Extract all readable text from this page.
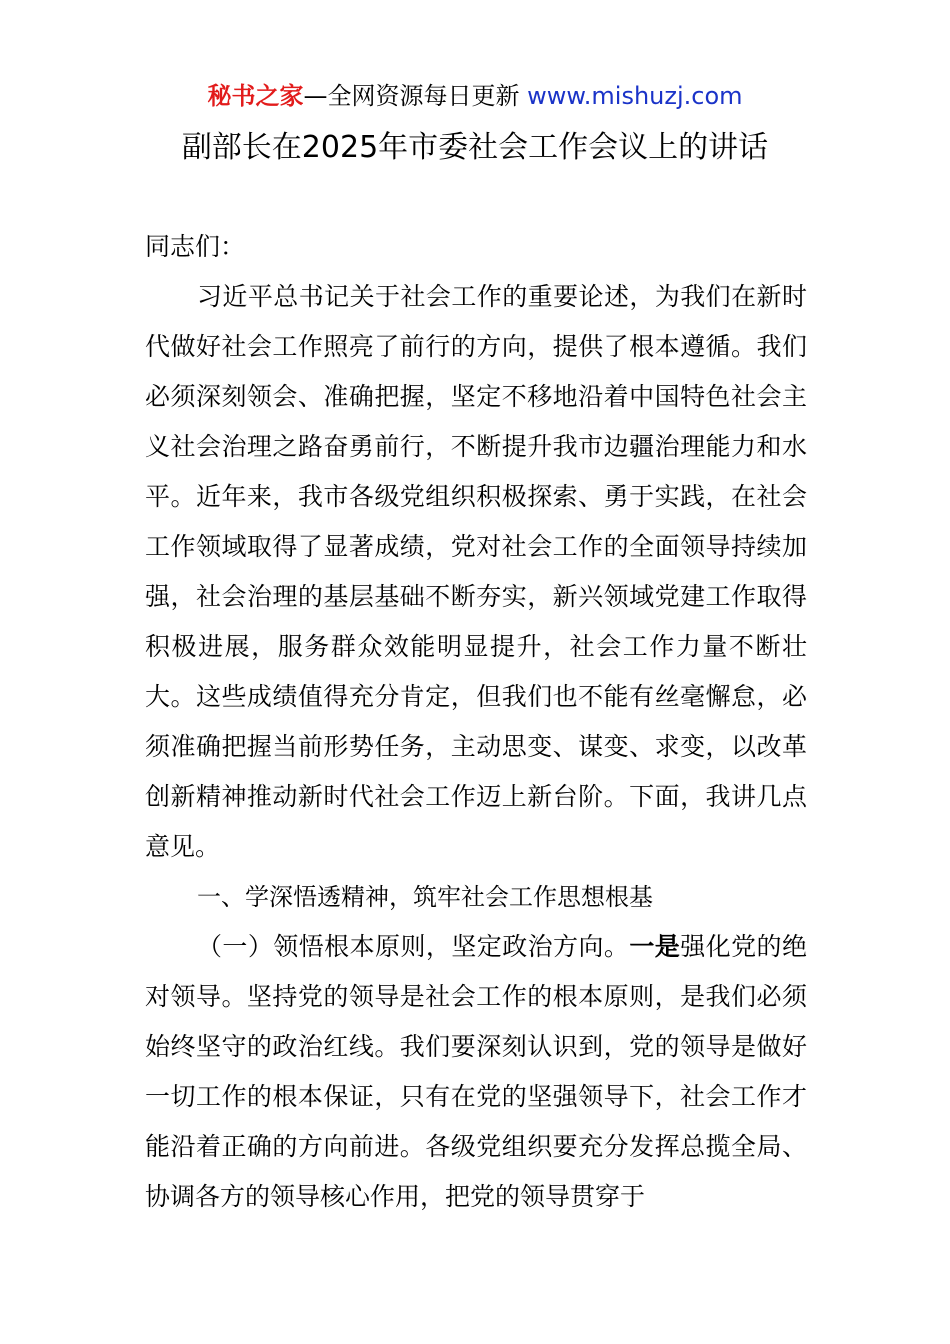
秘书之家—全网资源每日更新 www.mishuzj.com
副部长在2025年市委社会工作会议上的讲话

同志们：

习近平总书记关于社会工作的重要论述，为我们在新时代做好社会工作照亮了前行的方向，提供了根本遵循。我们必须深刻领会、准确把握，坚定不移地沿着中国特色社会主义社会治理之路奋勇前行，不断提升我市边疆治理能力和水平。近年来，我市各级党组织积极探索、勇于实践，在社会工作领域取得了显著成绩，党对社会工作的全面领导持续加强，社会治理的基层基础不断夯实，新兴领域党建工作取得积极进展，服务群众效能明显提升，社会工作力量不断壮大。这些成绩值得充分肯定，但我们也不能有丝毫懈怠，必须准确把握当前形势任务，主动思变、谋变、求变，以改革创新精神推动新时代社会工作迈上新台阶。下面，我讲几点意见。

一、学深悟透精神，筑牢社会工作思想根基

（一）领悟根本原则，坚定政治方向。一是强化党的绝对领导。坚持党的领导是社会工作的根本原则，是我们必须始终坚守的政治红线。我们要深刻认识到，党的领导是做好一切工作的根本保证，只有在党的坚强领导下，社会工作才能沿着正确的方向前进。各级党组织要充分发挥总揽全局、协调各方的领导核心作用，把党的领导贯穿于
